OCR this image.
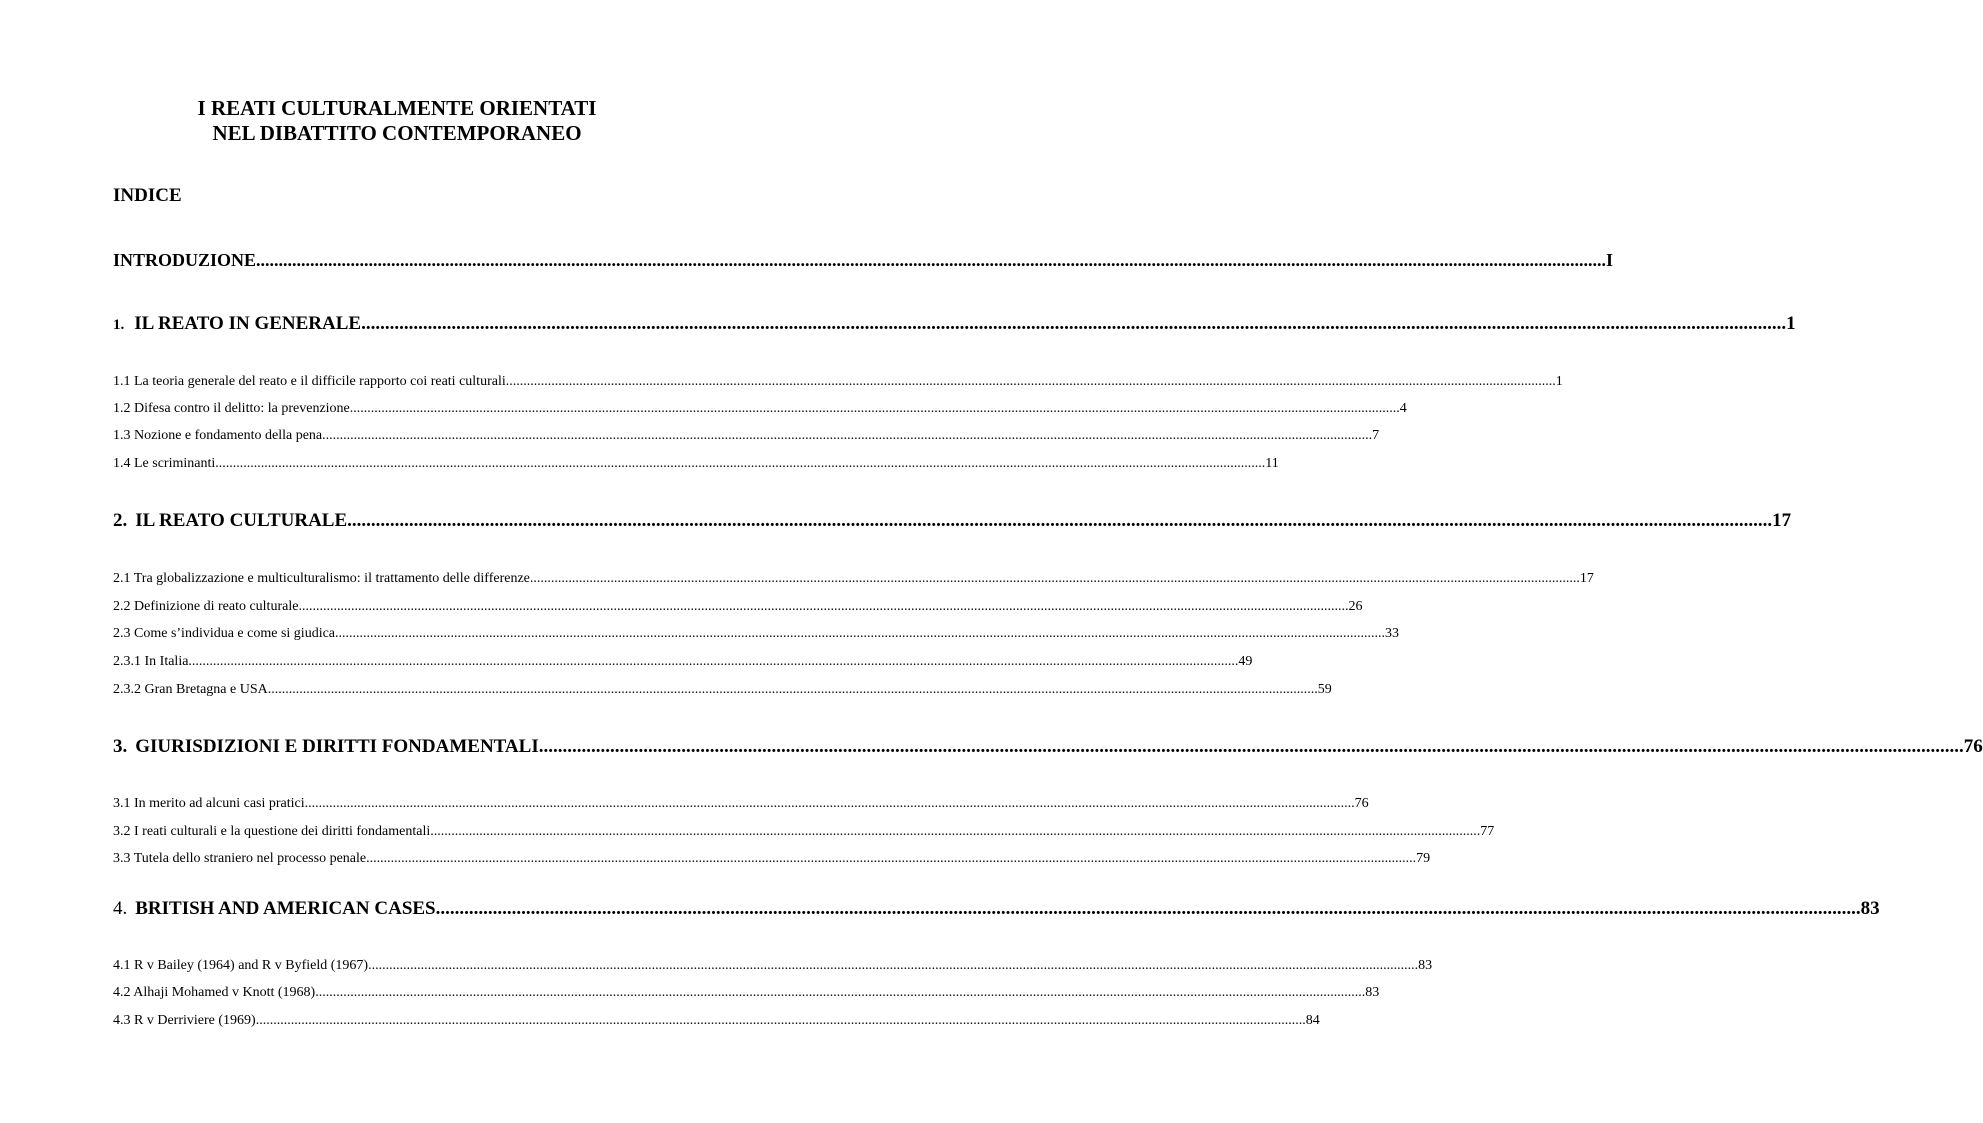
I REATI CULTURALMENTE ORIENTATI
NEL DIBATTITO CONTEMPORANEO
INDICE
INTRODUZIONE ............................................................................................................................................................................................................................................................................................................ I
1. IL REATO IN GENERALE ............................................................................................................................................................................................................................................................................................................ 1
1.1 La teoria generale del reato e il difficile rapporto coi reati culturali ............................................................................................................................................................................................................................................................................................................ 1
1.2 Difesa contro il delitto: la prevenzione ............................................................................................................................................................................................................................................................................................................ 4
1.3 Nozione e fondamento della pena ............................................................................................................................................................................................................................................................................................................ 7
1.4 Le scriminanti ............................................................................................................................................................................................................................................................................................................ 11
2. IL REATO CULTURALE ............................................................................................................................................................................................................................................................................................................ 17
2.1 Tra globalizzazione e multiculturalismo: il trattamento delle differenze ............................................................................................................................................................................................................................................................................................................ 17
2.2 Definizione di reato culturale ............................................................................................................................................................................................................................................................................................................ 26
2.3 Come s’individua e come si giudica ............................................................................................................................................................................................................................................................................................................ 33
2.3.1 In Italia ............................................................................................................................................................................................................................................................................................................ 49
2.3.2 Gran Bretagna e USA ............................................................................................................................................................................................................................................................................................................ 59
3. GIURISDIZIONI E DIRITTI FONDAMENTALI ............................................................................................................................................................................................................................................................................................................ 76
3.1 In merito ad alcuni casi pratici ............................................................................................................................................................................................................................................................................................................ 76
3.2 I reati culturali e la questione dei diritti fondamentali ............................................................................................................................................................................................................................................................................................................ 77
3.3 Tutela dello straniero nel processo penale ............................................................................................................................................................................................................................................................................................................ 79
4. BRITISH AND AMERICAN CASES ............................................................................................................................................................................................................................................................................................................ 83
4.1 R v Bailey (1964) and R v Byfield (1967) ............................................................................................................................................................................................................................................................................................................ 83
4.2 Alhaji Mohamed v Knott (1968) ............................................................................................................................................................................................................................................................................................................ 83
4.3 R v Derriviere (1969) ............................................................................................................................................................................................................................................................................................................ 84
